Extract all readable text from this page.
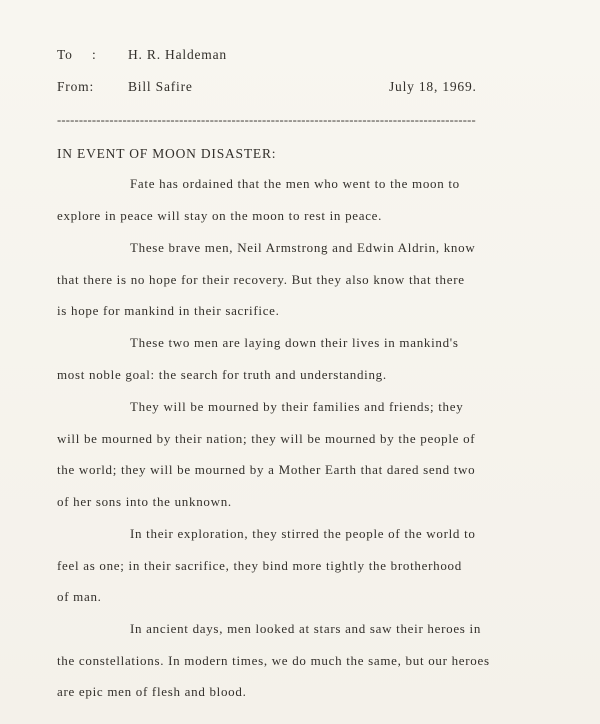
To : H. R. Haldeman
From:	Bill Safire	July 18, 1969.
------------------------------------------------------------------------------------------------
IN EVENT OF MOON DISASTER:
Fate has ordained that the men who went to the moon to
explore in peace will stay on the moon to rest in peace.
These brave men, Neil Armstrong and Edwin Aldrin, know
that there is no hope for their recovery. But they also know that there
is hope for mankind in their sacrifice.
These two men are laying down their lives in mankind's
most noble goal: the search for truth and understanding.
They will be mourned by their families and friends; they
will be mourned by their nation; they will be mourned by the people of
the world; they will be mourned by a Mother Earth that dared send two
of her sons into the unknown.
In their exploration, they stirred the people of the world to
feel as one; in their sacrifice, they bind more tightly the brotherhood
of man.
In ancient days, men looked at stars and saw their heroes in
the constellations. In modern times, we do much the same, but our heroes
are epic men of flesh and blood.
